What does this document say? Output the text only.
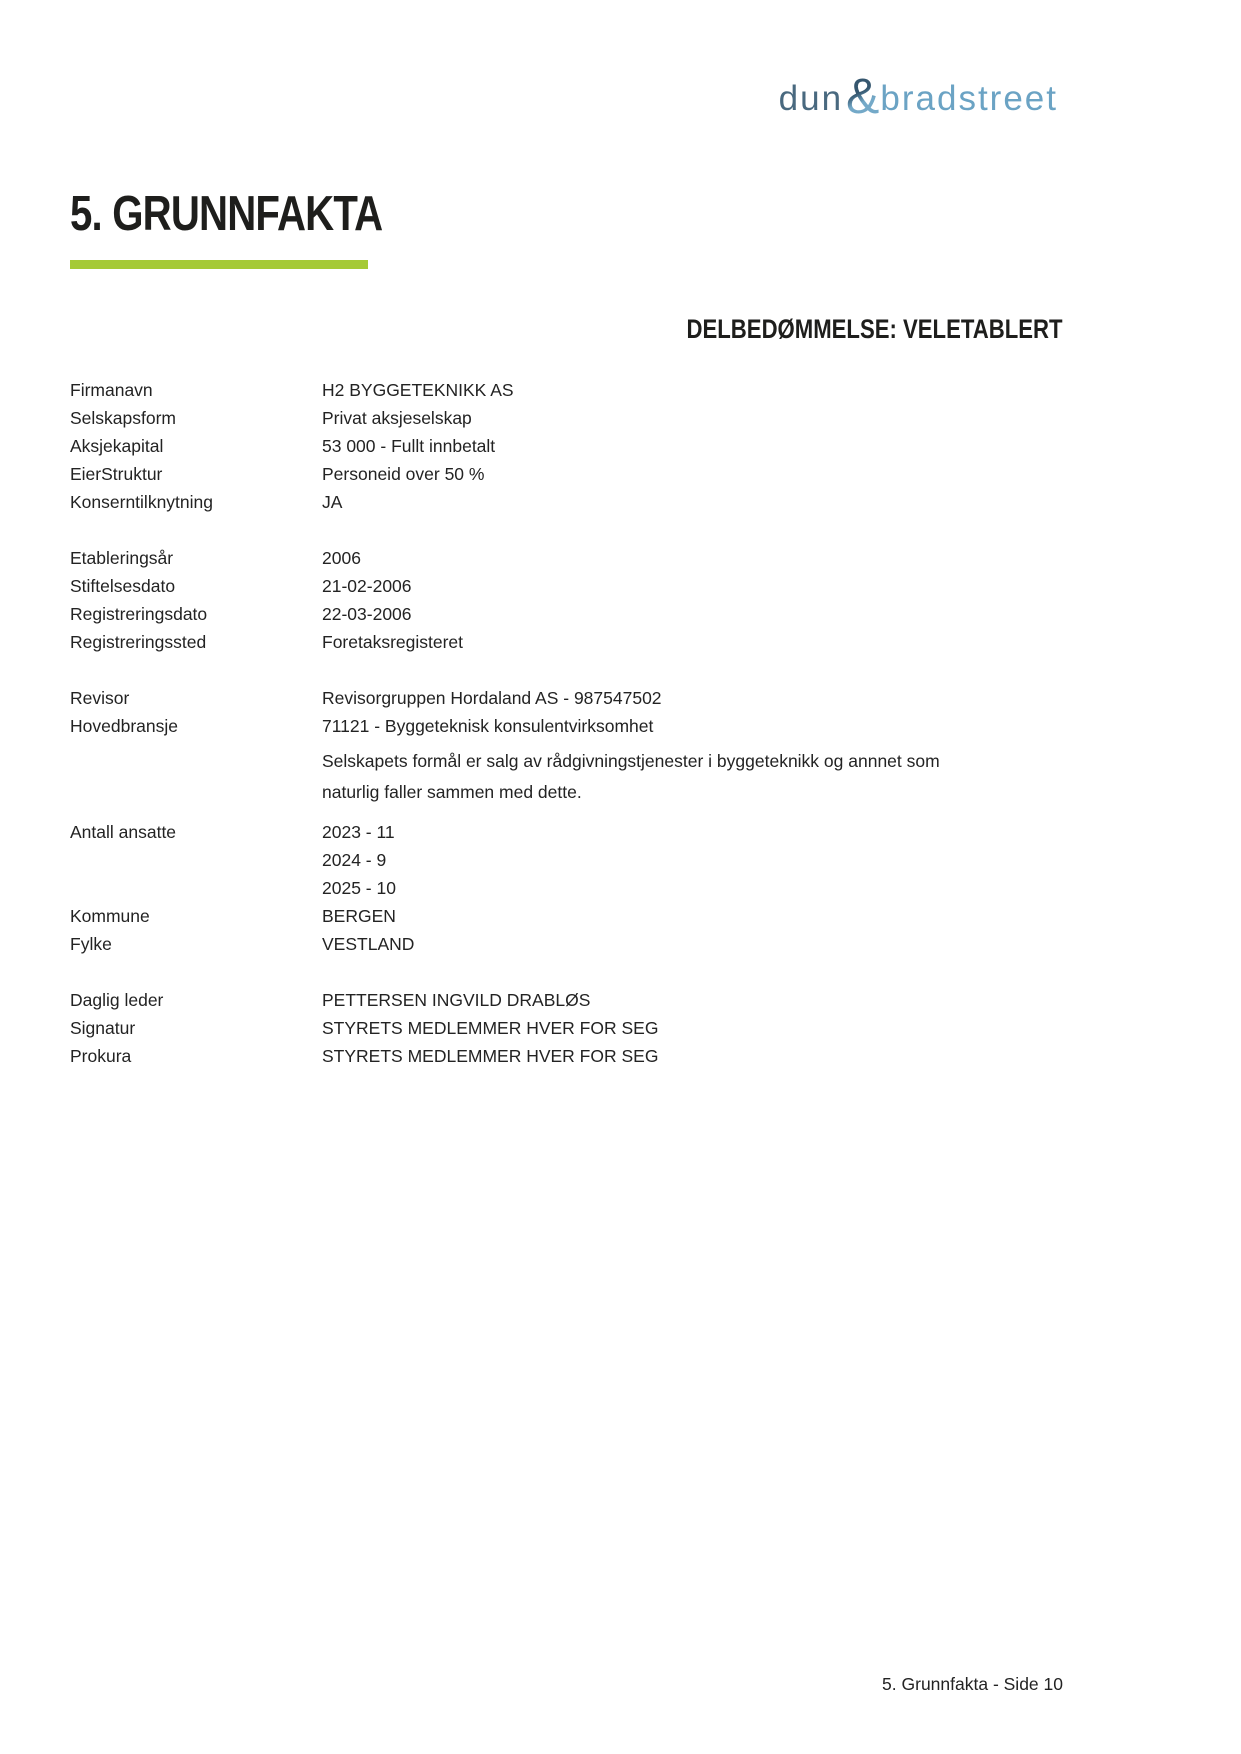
dun & bradstreet
5. GRUNNFAKTA
DELBEDØMMELSE: VELETABLERT
Firmanavn	H2 BYGGETEKNIKK AS
Selskapsform	Privat aksjeselskap
Aksjekapital	53 000 - Fullt innbetalt
EierStruktur	Personeid over 50 %
Konserntilknytning	JA
Etableringsår	2006
Stiftelsesdato	21-02-2006
Registreringsdato	22-03-2006
Registreringssted	Foretaksregisteret
Revisor	Revisorgruppen Hordaland AS - 987547502
Hovedbransje	71121 - Byggeteknisk konsulentvirksomhet

Selskapets formål er salg av rådgivningstjenester i byggeteknikk og annnet som naturlig faller sammen med dette.

Antall ansatte	2023 - 11
2024 - 9
2025 - 10
Kommune	BERGEN
Fylke	VESTLAND
Daglig leder	PETTERSEN INGVILD DRABLØS
Signatur	STYRETS MEDLEMMER HVER FOR SEG
Prokura	STYRETS MEDLEMMER HVER FOR SEG
5. Grunnfakta - Side 10
